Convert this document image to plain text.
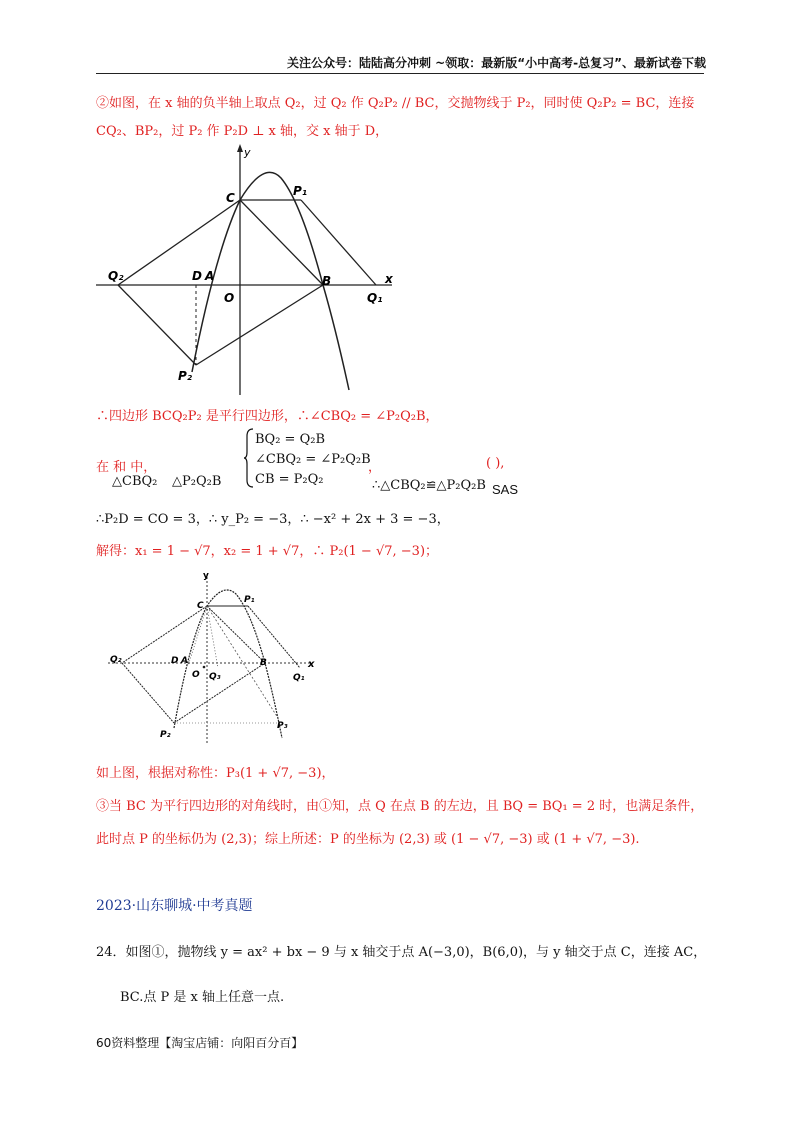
关注公众号：陆陆高分冲刺 ~领取：最新版“小中高考-总复习”、最新试卷下载
②如图，在 x 轴的负半轴上取点 Q₂，过 Q₂ 作 Q₂P₂ // BC，交抛物线于 P₂，同时使 Q₂P₂ = BC，连接
CQ₂、BP₂，过 P₂ 作 P₂D ⊥ x 轴，交 x 轴于 D，
y
x
C	P₁
Q₂	D A
O
B
Q₁
P₂
∴四边形 BCQ₂P₂ 是平行四边形，∴∠CBQ₂ = ∠P₂Q₂B，
在 和 中，
△CBQ₂ △P₂Q₂B
BQ₂ = Q₂B
∠CBQ₂ = ∠P₂Q₂B
CB = P₂Q₂
，	( ),
∴△CBQ₂≌△P₂Q₂B SAS
∴P₂D = CO = 3，∴ y_P₂ = −3，∴ −x² + 2x + 3 = −3，
解得：x₁ = 1 − √7，x₂ = 1 + √7，∴ P₂(1 − √7, −3)；
y
x
C
P₁
Q₂	D A
O Q₃
B
Q₁
P₂
P₃
如上图，根据对称性：P₃(1 + √7, −3)，
③当 BC 为平行四边形的对角线时，由①知，点 Q 在点 B 的左边，且 BQ = BQ₁ = 2 时，也满足条件，
此时点 P 的坐标仍为 (2,3)；综上所述：P 的坐标为 (2,3) 或 (1 − √7, −3) 或 (1 + √7, −3).
2023·山东聊城·中考真题
24．如图①，抛物线 y = ax² + bx − 9 与 x 轴交于点 A(−3,0)，B(6,0)，与 y 轴交于点 C，连接 AC，
BC.点 P 是 x 轴上任意一点.
60资料整理【淘宝店铺：向阳百分百】
